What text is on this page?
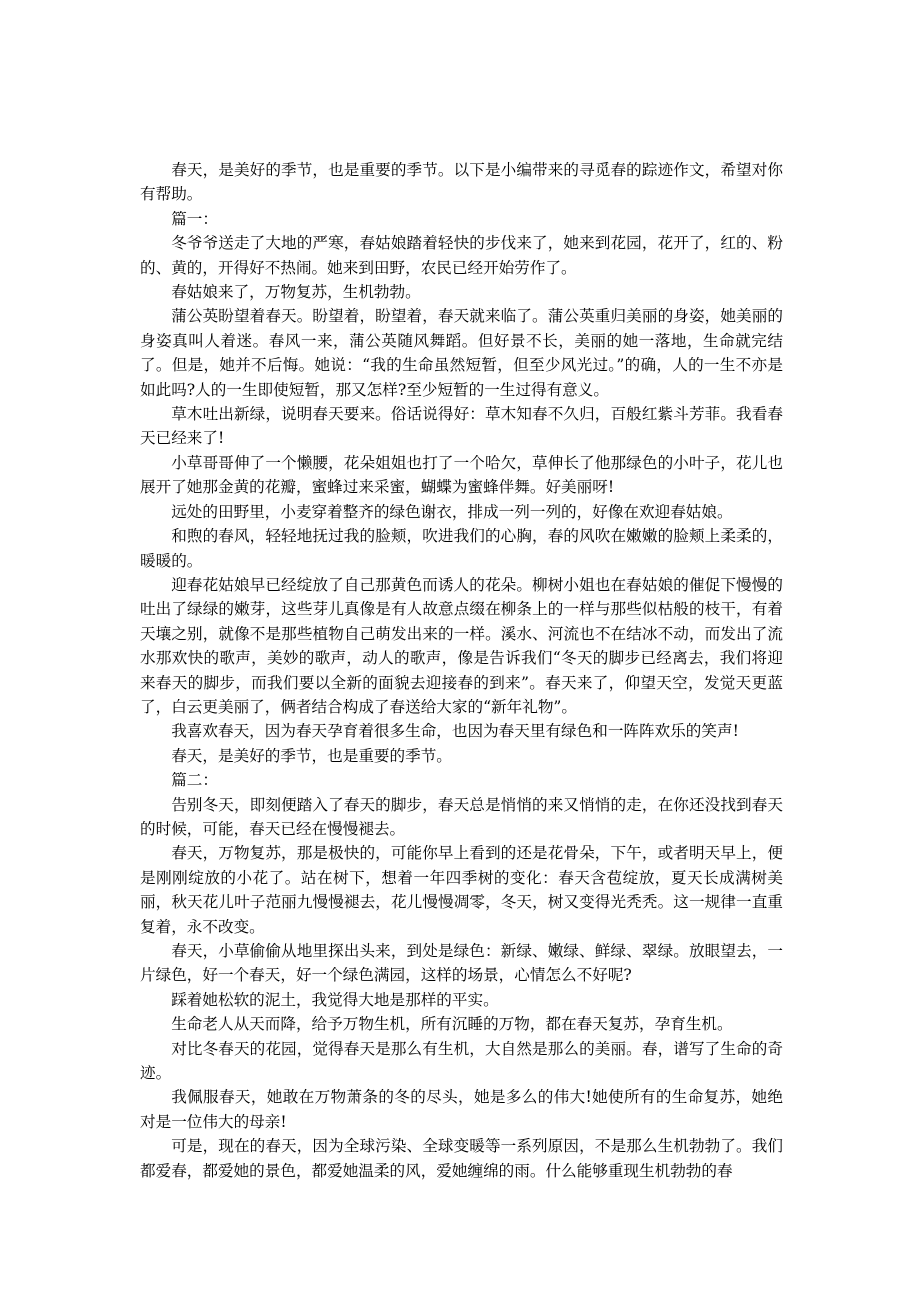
春天，是美好的季节，也是重要的季节。以下是小编带来的寻觅春的踪迹作文，希望对你有帮助。

篇一：

冬爷爷送走了大地的严寒，春姑娘踏着轻快的步伐来了，她来到花园，花开了，红的、粉的、黄的，开得好不热闹。她来到田野，农民已经开始劳作了。

春姑娘来了，万物复苏，生机勃勃。

蒲公英盼望着春天。盼望着，盼望着，春天就来临了。蒲公英重归美丽的身姿，她美丽的身姿真叫人着迷。春风一来，蒲公英随风舞蹈。但好景不长，美丽的她一落地，生命就完结了。但是，她并不后悔。她说：“我的生命虽然短暂，但至少风光过。”的确，人的一生不亦是如此吗?人的一生即使短暂，那又怎样?至少短暂的一生过得有意义。

草木吐出新绿，说明春天要来。俗话说得好：草木知春不久归，百般红紫斗芳菲。我看春天已经来了!

小草哥哥伸了一个懒腰，花朵姐姐也打了一个哈欠，草伸长了他那绿色的小叶子，花儿也展开了她那金黄的花瓣，蜜蜂过来采蜜，蝴蝶为蜜蜂伴舞。好美丽呀!

远处的田野里，小麦穿着整齐的绿色谢衣，排成一列一列的，好像在欢迎春姑娘。

和煦的春风，轻轻地抚过我的脸颊，吹进我们的心胸，春的风吹在嫩嫩的脸颊上柔柔的，暖暖的。

迎春花姑娘早已经绽放了自己那黄色而诱人的花朵。柳树小姐也在春姑娘的催促下慢慢的吐出了绿绿的嫩芽，这些芽儿真像是有人故意点缀在柳条上的一样与那些似枯般的枝干，有着天壤之别，就像不是那些植物自己萌发出来的一样。溪水、河流也不在结冰不动，而发出了流水那欢快的歌声，美妙的歌声，动人的歌声，像是告诉我们“冬天的脚步已经离去，我们将迎来春天的脚步，而我们要以全新的面貌去迎接春的到来”。春天来了，仰望天空，发觉天更蓝了，白云更美丽了，俩者结合构成了春送给大家的“新年礼物”。

我喜欢春天，因为春天孕育着很多生命，也因为春天里有绿色和一阵阵欢乐的笑声!

春天，是美好的季节，也是重要的季节。

篇二：

告别冬天，即刻便踏入了春天的脚步，春天总是悄悄的来又悄悄的走，在你还没找到春天的时候，可能，春天已经在慢慢褪去。

春天，万物复苏，那是极快的，可能你早上看到的还是花骨朵，下午，或者明天早上，便是刚刚绽放的小花了。站在树下，想着一年四季树的变化：春天含苞绽放，夏天长成满树美丽，秋天花儿叶子范丽九慢慢褪去，花儿慢慢凋零，冬天，树又变得光秃秃。这一规律一直重复着，永不改变。

春天，小草偷偷从地里探出头来，到处是绿色：新绿、嫩绿、鲜绿、翠绿。放眼望去，一片绿色，好一个春天，好一个绿色满园，这样的场景，心情怎么不好呢?

踩着她松软的泥土，我觉得大地是那样的平实。

生命老人从天而降，给予万物生机，所有沉睡的万物，都在春天复苏，孕育生机。

对比冬春天的花园，觉得春天是那么有生机，大自然是那么的美丽。春，谱写了生命的奇迹。

我佩服春天，她敢在万物萧条的冬的尽头，她是多么的伟大!她使所有的生命复苏，她绝对是一位伟大的母亲!

可是，现在的春天，因为全球污染、全球变暖等一系列原因，不是那么生机勃勃了。我们都爱春，都爱她的景色，都爱她温柔的风，爱她缠绵的雨。什么能够重现生机勃勃的春
